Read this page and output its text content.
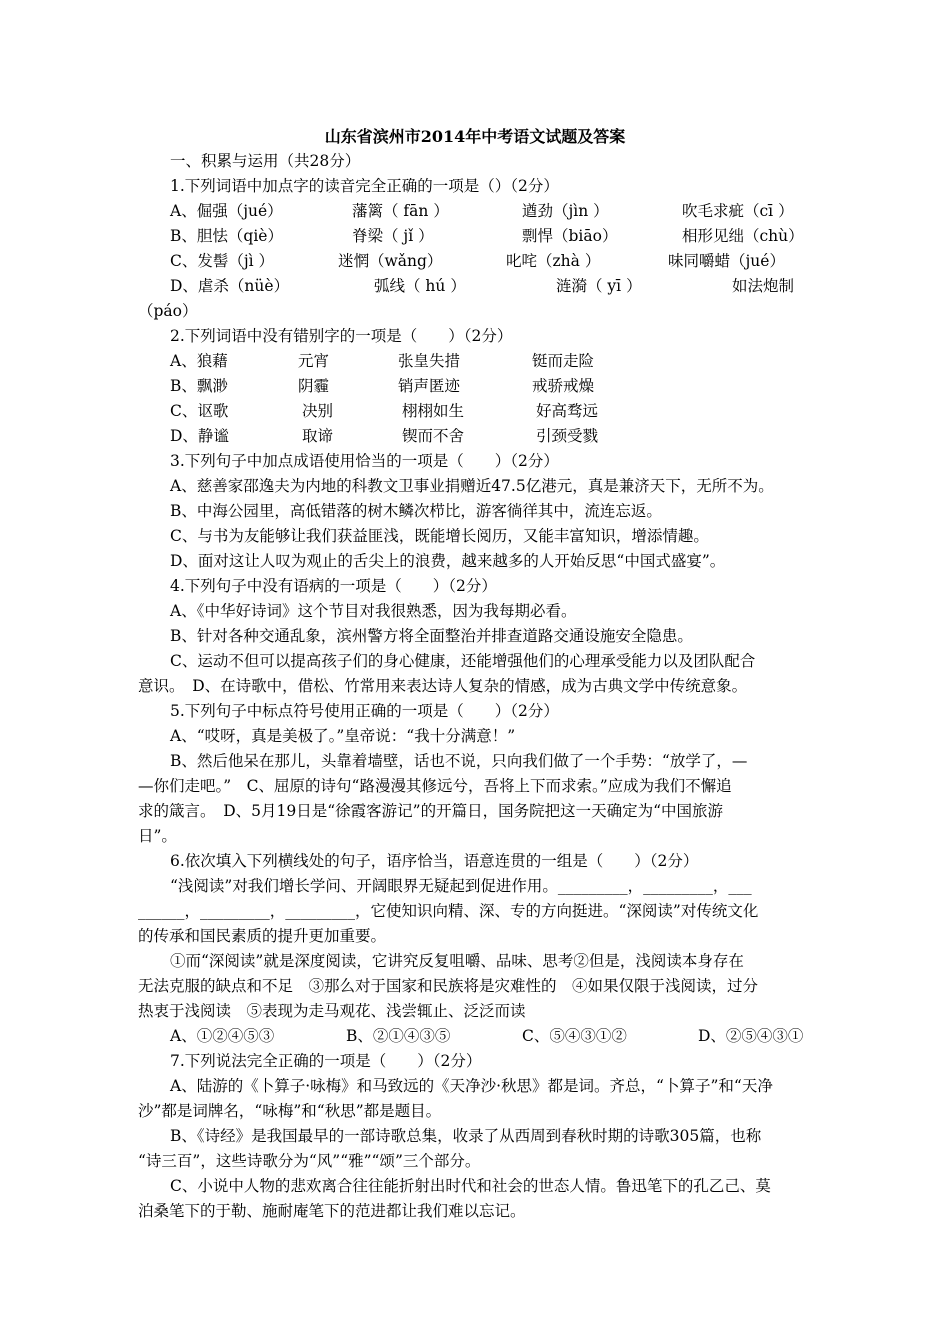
山东省滨州市2014年中考语文试题及答案
一、积累与运用（共28分）
1.下列词语中加点字的读音完全正确的一项是（）（2分）
A、倔强（jué）	藩篱（ fān ）	遒劲（jìn ）	吹毛求疵（cī ）
B、胆怯（qiè）	脊梁（ jǐ ）	剽悍（biāo）	相形见绌（chù）
C、发髻（jì ）	迷惘（wǎng）	叱咤（zhà ）	味同嚼蜡（jué）
D、虐杀（nüè）	弧线（ hú ）	涟漪（ yī ）	如法炮制
（páo）
2.下列词语中没有错别字的一项是（　　）（2分）
A、狼藉	元宵	张皇失措	铤而走险
B、飘渺	阴霾	销声匿迹	戒骄戒燥
C、讴歌	决别	栩栩如生	好高骛远
D、静谧	取谛	锲而不舍	引颈受戮
3.下列句子中加点成语使用恰当的一项是（　　）（2分）
A、慈善家邵逸夫为内地的科教文卫事业捐赠近47.5亿港元，真是兼济天下，无所不为。
B、中海公园里，高低错落的树木鳞次栉比，游客徜徉其中，流连忘返。
C、与书为友能够让我们获益匪浅，既能增长阅历，又能丰富知识，增添情趣。
D、面对这让人叹为观止的舌尖上的浪费，越来越多的人开始反思“中国式盛宴”。
4.下列句子中没有语病的一项是（　　）（2分）
A、《中华好诗词》这个节目对我很熟悉，因为我每期必看。
B、针对各种交通乱象，滨州警方将全面整治并排查道路交通设施安全隐患。
C、运动不但可以提高孩子们的身心健康，还能增强他们的心理承受能力以及团队配合
意识。　D、在诗歌中，借松、竹常用来表达诗人复杂的情感，成为古典文学中传统意象。
5.下列句子中标点符号使用正确的一项是（　　）（2分）
A、“哎呀，真是美极了。”皇帝说：“我十分满意！”
B、然后他呆在那儿，头靠着墙壁，话也不说，只向我们做了一个手势：“放学了，—
—你们走吧。”　C、屈原的诗句“路漫漫其修远兮，吾将上下而求索。”应成为我们不懈追
求的箴言。　D、5月19日是“徐霞客游记”的开篇日，国务院把这一天确定为“中国旅游
日”。
6.依次填入下列横线处的句子，语序恰当，语意连贯的一组是（　　）（2分）
“浅阅读”对我们增长学问、开阔眼界无疑起到促进作用。_________，_________，___
______，_________，_________，它使知识向精、深、专的方向挺进。“深阅读”对传统文化
的传承和国民素质的提升更加重要。
①而“深阅读”就是深度阅读，它讲究反复咀嚼、品味、思考②但是，浅阅读本身存在
无法克服的缺点和不足　③那么对于国家和民族将是灾难性的　④如果仅限于浅阅读，过分
热衷于浅阅读　⑤表现为走马观花、浅尝辄止、泛泛而读
A、①②④⑤③	B、②①④③⑤	C、⑤④③①②	D、②⑤④③①
7.下列说法完全正确的一项是（　　）（2分）
A、陆游的《卜算子·咏梅》和马致远的《天净沙·秋思》都是词。齐总，“卜算子”和“天净
沙”都是词牌名，“咏梅”和“秋思”都是题目。
B、《诗经》是我国最早的一部诗歌总集，收录了从西周到春秋时期的诗歌305篇，也称
“诗三百”，这些诗歌分为“风”“雅”“颂”三个部分。
C、小说中人物的悲欢离合往往能折射出时代和社会的世态人情。鲁迅笔下的孔乙己、莫
泊桑笔下的于勒、施耐庵笔下的范进都让我们难以忘记。
